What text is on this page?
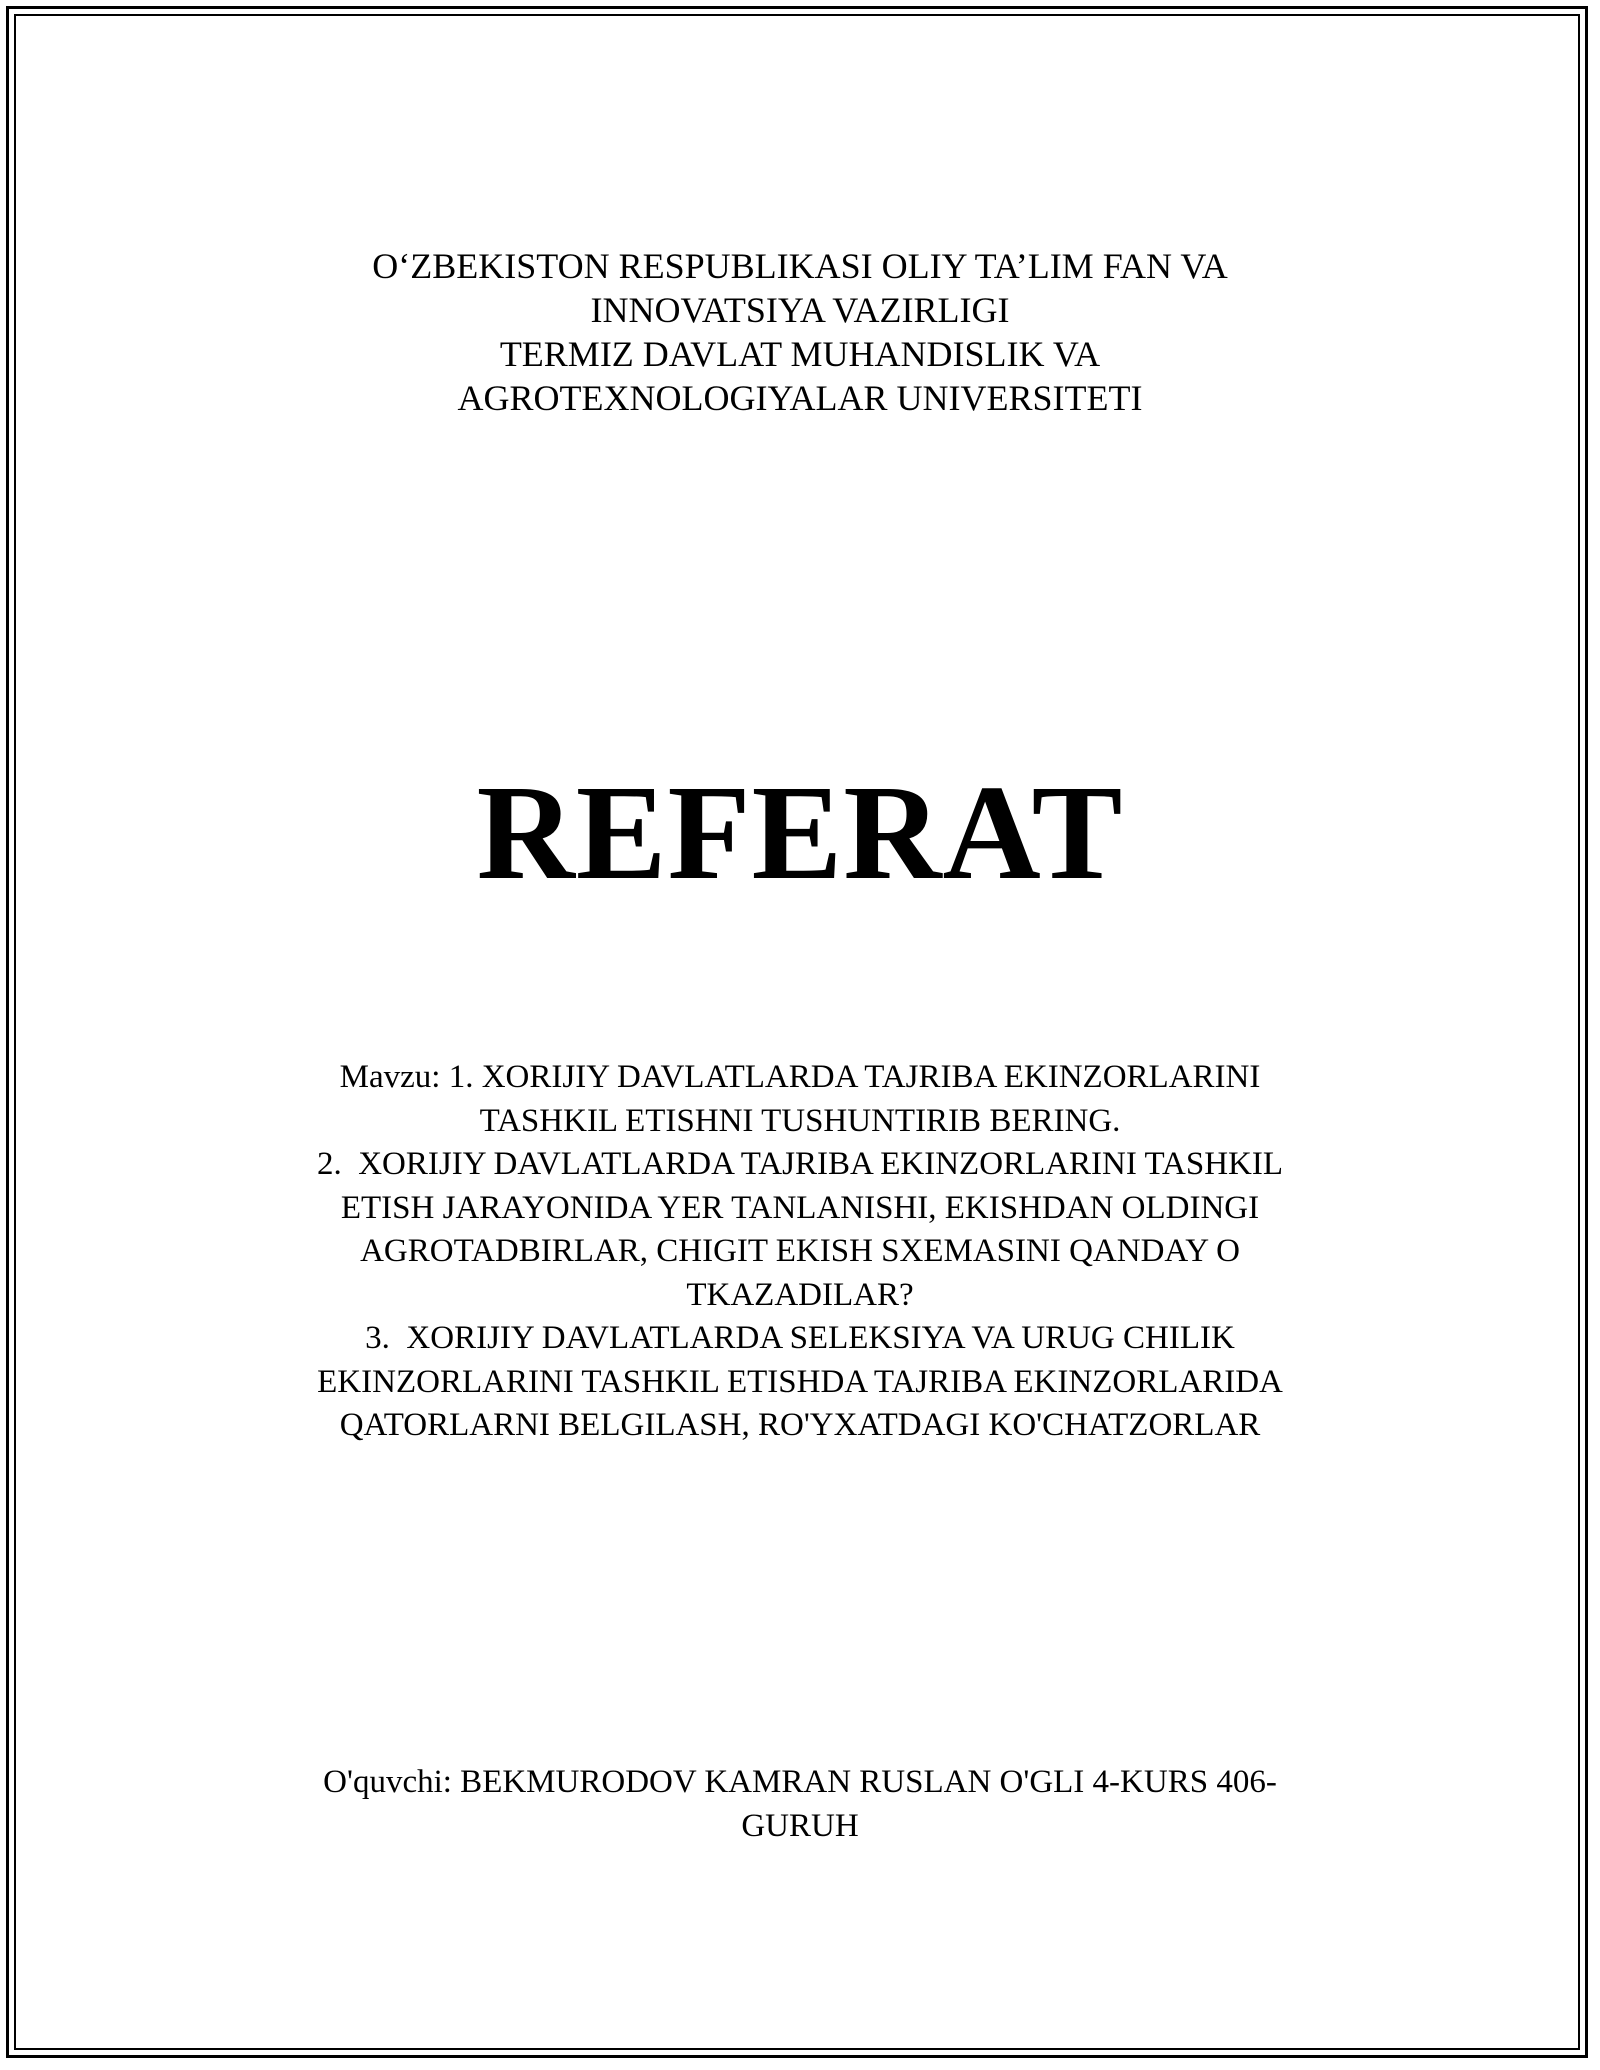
O‘ZBEKISTON RESPUBLIKASI OLIY TA’LIM FAN VA
INNOVATSIYA VAZIRLIGI
TERMIZ DAVLAT MUHANDISLIK VA
AGROTEXNOLOGIYALAR UNIVERSITETI
REFERAT
Mavzu: 1. XORIJIY DAVLATLARDA TAJRIBA EKINZORLARINI
TASHKIL ETISHNI TUSHUNTIRIB BERING.
2.  XORIJIY DAVLATLARDA TAJRIBA EKINZORLARINI TASHKIL
ETISH JARAYONIDA YER TANLANISHI, EKISHDAN OLDINGI
AGROTADBIRLAR, CHIGIT EKISH SXEMASINI QANDAY O
TKAZADILAR?
3.  XORIJIY DAVLATLARDA SELEKSIYA VA URUG CHILIK
EKINZORLARINI TASHKIL ETISHDA TAJRIBA EKINZORLARIDA
QATORLARNI BELGILASH, RO'YXATDAGI KO'CHATZORLAR
O'quvchi: BEKMURODOV KAMRAN RUSLAN O'GLI 4-KURS 406-
GURUH
